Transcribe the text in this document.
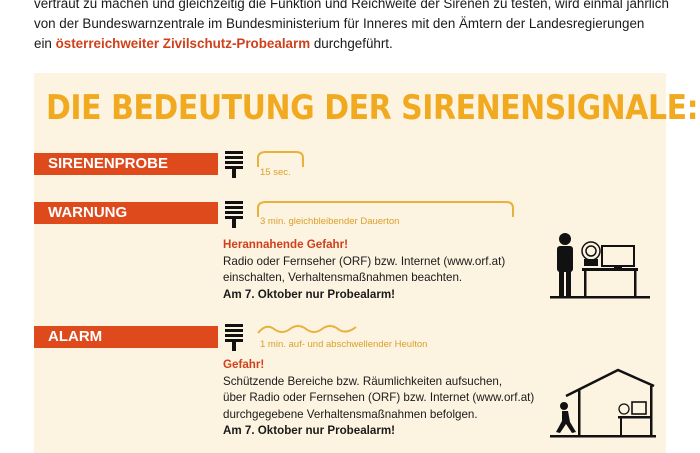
vertraut zu machen und gleichzeitig die Funktion und Reichweite der Sirenen zu testen, wird einmal jährlich
von der Bundeswarnzentrale im Bundesministerium für Inneres mit den Ämtern der Landesregierungen
ein österreichweiter Zivilschutz-Probealarm durchgeführt.
DIE BEDEUTUNG DER SIRENENSIGNALE:
SIRENENPROBE
15 sec.
WARNUNG
3 min. gleichbleibender Dauerton
Herannahende Gefahr!
Radio oder Fernseher (ORF) bzw. Internet (www.orf.at)
einschalten, Verhaltensmaßnahmen beachten.
Am 7. Oktober nur Probealarm!
ALARM	1 min. auf- und abschwellender Heulton
Gefahr!
Schützende Bereiche bzw. Räumlichkeiten aufsuchen,
über Radio oder Fernsehen (ORF) bzw. Internet (www.orf.at)
durchgegebene Verhaltensmaßnahmen befolgen.
Am 7. Oktober nur Probealarm!
